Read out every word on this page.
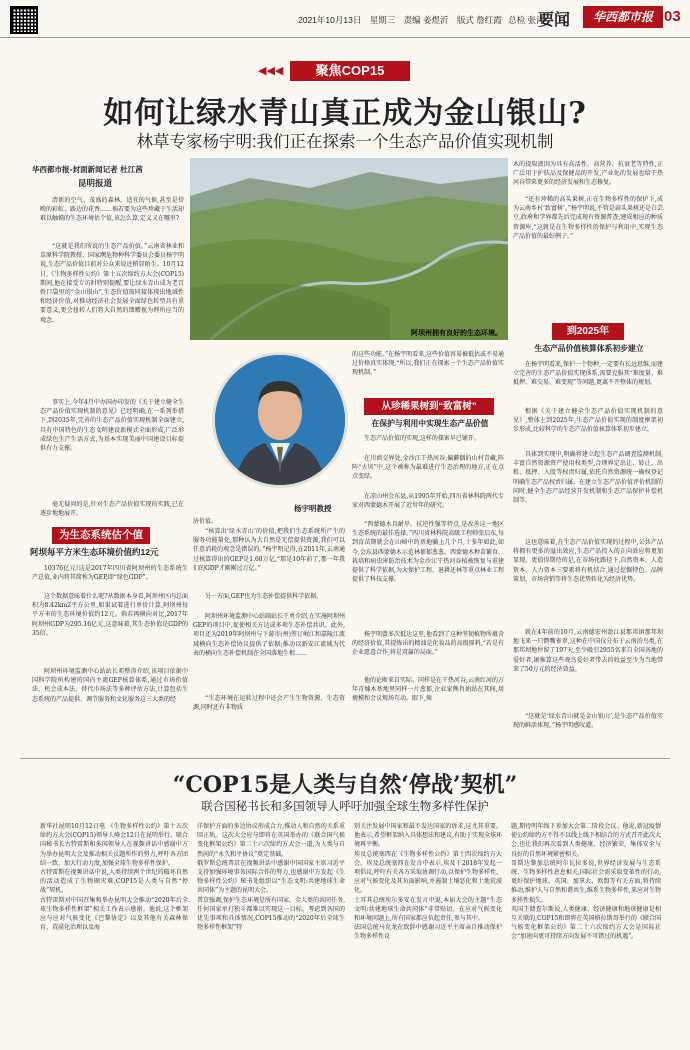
2021年10月13日 星期三 责编 姜煜沂 版式 詹红霞 总检 张洋
要闻	华西都市报 03
◀◀◀	聚焦COP15
如何让绿水青山真正成为金山银山?
林草专家杨宇明:我们正在探索一个生态产品价值实现机制
华西都市报-封面新闻记者 杜江茜
昆明报道
清新的空气、茂盛的森林、适宜的气候,甚至是傍晚的彩虹、路边的花香……倘若要为这些珍藏于生活却难以触摸的生态环境估个值,该怎么算,定义又在哪里?
“这就是我们所说的生态产品价值。”云南省林业和草原科学院教授、国家濒危物种科学委员会委员杨宇明说,生态产品价值目前对公众来说还稍显陌生。10月12日,《生物多样性公约》第十五次缔约方大会(COP15)期间,他在接受专访时特别提醒,要让绿水青山成为老百姓口袋里的“金山银山”,生态价值需同接体现出地域性和经济价值,对推动经济社会发展全面绿色转型具有重要意义,更会扭转人们将大自然的馈赠视为理所应当的观念。
事实上,今年4月中办国办印发的《关于建立健全生态产品价值实现机制的意见》已经明确,在一系列举措下,到2035年,完善的生态产品价值实现机制全面建立,具有中国特色的生态文明建设新模式全面形成,广泛形成绿色生产生活方式,为基本实现美丽中国建设目标提供有力支撑。
毫无疑问的是,针对生态产品价值实现的实践,已在逐步地地展开。
为生态系统估个值
阿坝每平方米生态环境价值约12元
10376亿元!这是2017年四川省阿坝州的生态系统生产总值,业内将其简称为GEP,即“绿色GDP”。
这个数据意味着什么呢?从数据本身看,阿坝州区内总面积为8.42km2平方公里,如果试着进行单价计算,阿坝州每平方米的生态环境价值约12元。倘若再横向对比,2017年阿坝州GDP为295.16亿元,这意味着,其生态价值是GDP的35倍。
阿坝州环境监测中心站站长邓整涛介绍,该项目依据中国科学院所构建的国内主流GEP核算体系,通过市场价值法、机会成本法、替代市场法等多种评估方法,计算包括生态系统的产品提供、调节服务和文化服务这三大类的经
阿坝州拥有良好的生态环境。
杨宇明教授
济价值。
“核算出‘绿水青山’的价值,把我们生态系统所产生的服务功能量化,那种认为大自然是无偿提供资源,我们可以任意消耗的观念是错误的。”杨宇明记得,在2011年,云南通过核算得出的GEP是1.68万亿,“那是10年前了,那一年我们的GDP才刚刚过万亿。”
另一方面,GEP也为生态补偿提供科学依据。
阿坝州环境监测中心站副站长王勇介绍,在实施阿坝州GEP的项目中,促使相关方达成多项生态补偿共识。此外,项目还为2019年阿坝州与下游市(州)签订岷江和嘉陵江流域横向生态补偿协议提供了依据;推动以新安江流域为代表的横向生态补偿机制在全国落地生根……
“生态环境在运转过程中还会产生生物资源、生态资源,同时还有非物质
的这些功能。”在杨宇明看来,这些价值容易被低估或不易通过价格真实体现,“所以,我们正在探索一个生态产品价值实现机制。”
从珍稀果树到“致富树”
在保护与利用中实现生态产品价值
生态产品价值的实现,这样的探索早已铺开。
在川滇交界处,金沙江干热河谷,偏僻偶的山村青藏,阵阵“火风”中,这个被称为最难进行生态治理的地方,正在点点变绿。
在凉山州会东县,从1995年开始,四川省林科院两代专家对西蒙德木开展了近卅年的研究。
“西蒙德木具耐旱、抗逆性强等特点,是改善这一地区生态系统的最佳选择。”四川省林科院高级工程师张启东,每到育苗期就会在山崎中的基地躺上几个月,十多年如此,如今,会东县西蒙德木示范林郁郁葱葱。西蒙德木种苗繁育、栽培和病虫害防治技术为金沙江干热河谷植被恢复与重建提供了科学依据,为大保护工程、退耕还林等重点林业工程提供了科技支撑。
杨宇明曾多次抵达这里,他看到了这种坚韧植物所蕴含的经济价值,其提炼出的精油是化妆品的高级原料,“若是有企业愿意合作,将是双赢的局面。”
他的论断来自实际。同样是在干热河谷,云南红河的万年青煉木基地里同样一片葱郁,企业家熊肖娟站在其间,用规模和会议规场互动。眼下,辣
木的提取液因为具有高活性、高营养、抗衰老等特性,正广泛用于护肤品及保健品的开发,产业化的发展也给干热河谷带来更多的经济发展和生态修复。
“还有珍稀的高头果树,正在生物多样性的保护下,成为云南乡村‘致富树’。”杨宇明说,不管是蒜头果树还是白芸豆,政府和学界都先后完成现有资源普查,建成相应的种质资源库,“这就是在生物多样性的保护与利用中,实现生态产品价值的最好例子。”
到2025年
生态产品价值核算体系初步建立
在杨宇明看来,保护一个物种,一定要有长远思维,而建立完善的生态产品价值实现体系,需要克服其“难度量、难抵押、难交易、难变现”等问题,更离不开整体的规划。
根据《关于建立健全生态产品价值实现机制的意见》,整体上到2025年,生态产品价值实现的制度框架初步形成,比较科学的生态产品价值核算体系初步建立。
具体到实现中,明确将建立起生态产品调查监测机制,丰富自然资源资产使用权类型,合理界定出让、转让、出租、抵押、入股等权责归属,依托自然资源统一确权登记明确生态产品权责归属。在建立生态产品价值评价机制的同时,健全生态产品经营开发机制和生态产品保护补偿机制等。
这也意味着,在生态产品价值实现的过程中,公共产品将拥有更多的溢出效应,生态产品投入的正向效应将更加显现。更值得期待的是,在市场化路径下,自然资本、人造资本、人力资本三要素将有机结合,通过挖掘特色、品牌策划、市场营销等将生态优势转化为经济优势。
就在4年前的10月,云南德宏州盈江县那邦镇那邦坝地飞来一只鹦嘴雀翠,这种在中国仅分布于云南的鸟类,在那邦坝地停留了197天,至少吸引2955名来自全国各地的爱好者,据推算这些观鸟爱好者带去的收益至少为当地带来了50万元的经济效益。
“这就是‘绿水青山就是金山银山’,是生态产品价值实现的鲜活体现。”杨宇明感叹道。
“COP15是人类与自然‘停战’契机”
联合国秘书长和多国领导人呼吁加强全球生物多样性保护
新华社昆明10月12日电 《生物多样性公约》第十五次缔约方大会(COP15)领导人峰会12日在昆明举行。联合国秘书长古特雷斯和多国领导人在视频讲话中感谢中方为举办昆明大会及推动相关议题所作的努力,呼吁各方团结一致、加大行动力度,加强全球生物多样性保护。
古特雷斯在视频讲话中说,人类持续两个世纪的破坏自然的活动造成了生物圈灾难,COP15是人类与自然“停战”契机。
古特雷斯对中国召集和举办昆明大会推动“2020年后全球生物多样性框架”相关工作表示感谢。他说,这个框架应与应对气候变化《巴黎协定》以及其他有关森林保育、荒漠化治理以及海
洋保护方面的多边协议形成合力,推动人和自然的关系重回正轨。这次大会应与即将在英国举办的《联合国气候变化框架公约》第二十六次缔约方大会一道,为人类与自然间的“永久和平协议”奠定基础。
俄罗斯总统普京在视频讲话中感谢中国国家主席习近平支持加强环境事务国际合作的努力,也感谢中方发起《生物多样性公约》秘书处组织以“生态文明:共建地球生命共同体”为主题的昆明大会。
普京强调,保护生态环境是所有国家、全人类的共同任务,任何国家单打独斗都难以实现这一目标。考虑到各国的优先事项和具体情况,COP15推动的“2020年后全球生物多样性框架”特
别关注发展中国家和最不发达国家的诉求,这尤其重要。他表示,希望框架纳入具体想法和建议,有助于实现全球环境再平衡。
埃及总统塞西在《生物多样性公约》第十四次缔约方大会。埃及总统塞西在发言中表示,埃及于2018年发起一项倡议,呼吁有关各方采取协调行动,以保护生物多样性、应对气候变化及其负面影响,并遏制土壤恶化和土地荒漠化。
土耳其总统埃尔多安在发言中说,本届大会的主题“生态文明:共建地球生命共同体”非常贴切。在应对气候变化和环境问题上,所有国家都应负起责任,参与其中。
法国总统马克龙在致辞中感谢习近平主席亲自推动保护生物多样性议
题,期待明年线下参加大会第二阶段会议。他说,新冠疫情使公约缔约方不得不以线上线下相结合的方式召开此次大会,也让我们再次看到人类健康、经济繁荣、集体安全与良好的自然环境紧密相关。
哥斯达黎加总统阿尔瓦拉多说,世界经济发展与生态系统、生物多样性息息相关,国际社会需采取变革性的行动,更好保护地球。英国、加拿大、欧盟等有关方面,将持续推动,维护人与自然和谐共生,维系生物多样性,来应对生物多样性损失。
英国王储查尔斯说,人类健康、经济健康和地球健康是相互关联的,COP15和即将在英国格拉斯哥举行的《联合国气候变化框架公约》第二十六次缔约方大会是国际社会“加速向更可持续方向发展不可错过的机遇”。
